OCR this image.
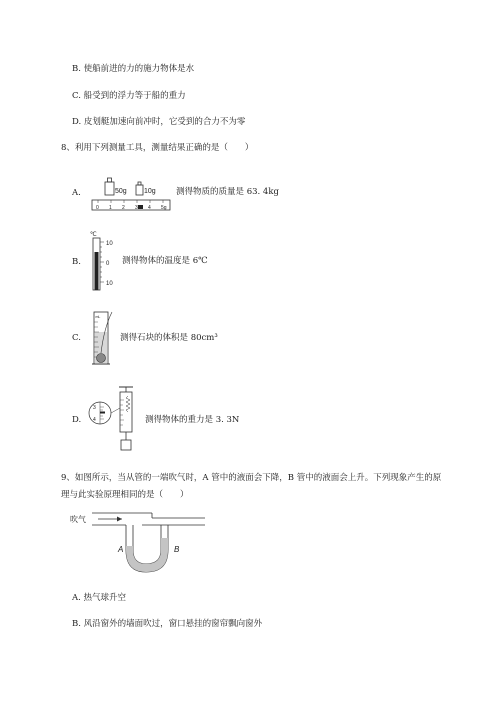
B. 使船前进的力的施力物体是水
C. 船受到的浮力等于船的重力
D. 皮划艇加速向前冲时，它受到的合力不为零
8、利用下列测量工具，测量结果正确的是（　　）
A.	50g 10g
0 1 2 3 4 5g
测得物质的质量是 63. 4kg
B.
℃
10
0
10
测得物体的温度是 6℃
C.
mL
测得石块的体积是 80cm³
D.
3
4	测得物体的重力是 3. 3N
9、如图所示，当从管的一端吹气时，A 管中的液面会下降，B 管中的液面会上升。下列现象产生的原
理与此实验原理相同的是（　　）
吹气
A	B
A. 热气球升空
B. 风沿窗外的墙面吹过，窗口悬挂的窗帘飘向窗外
